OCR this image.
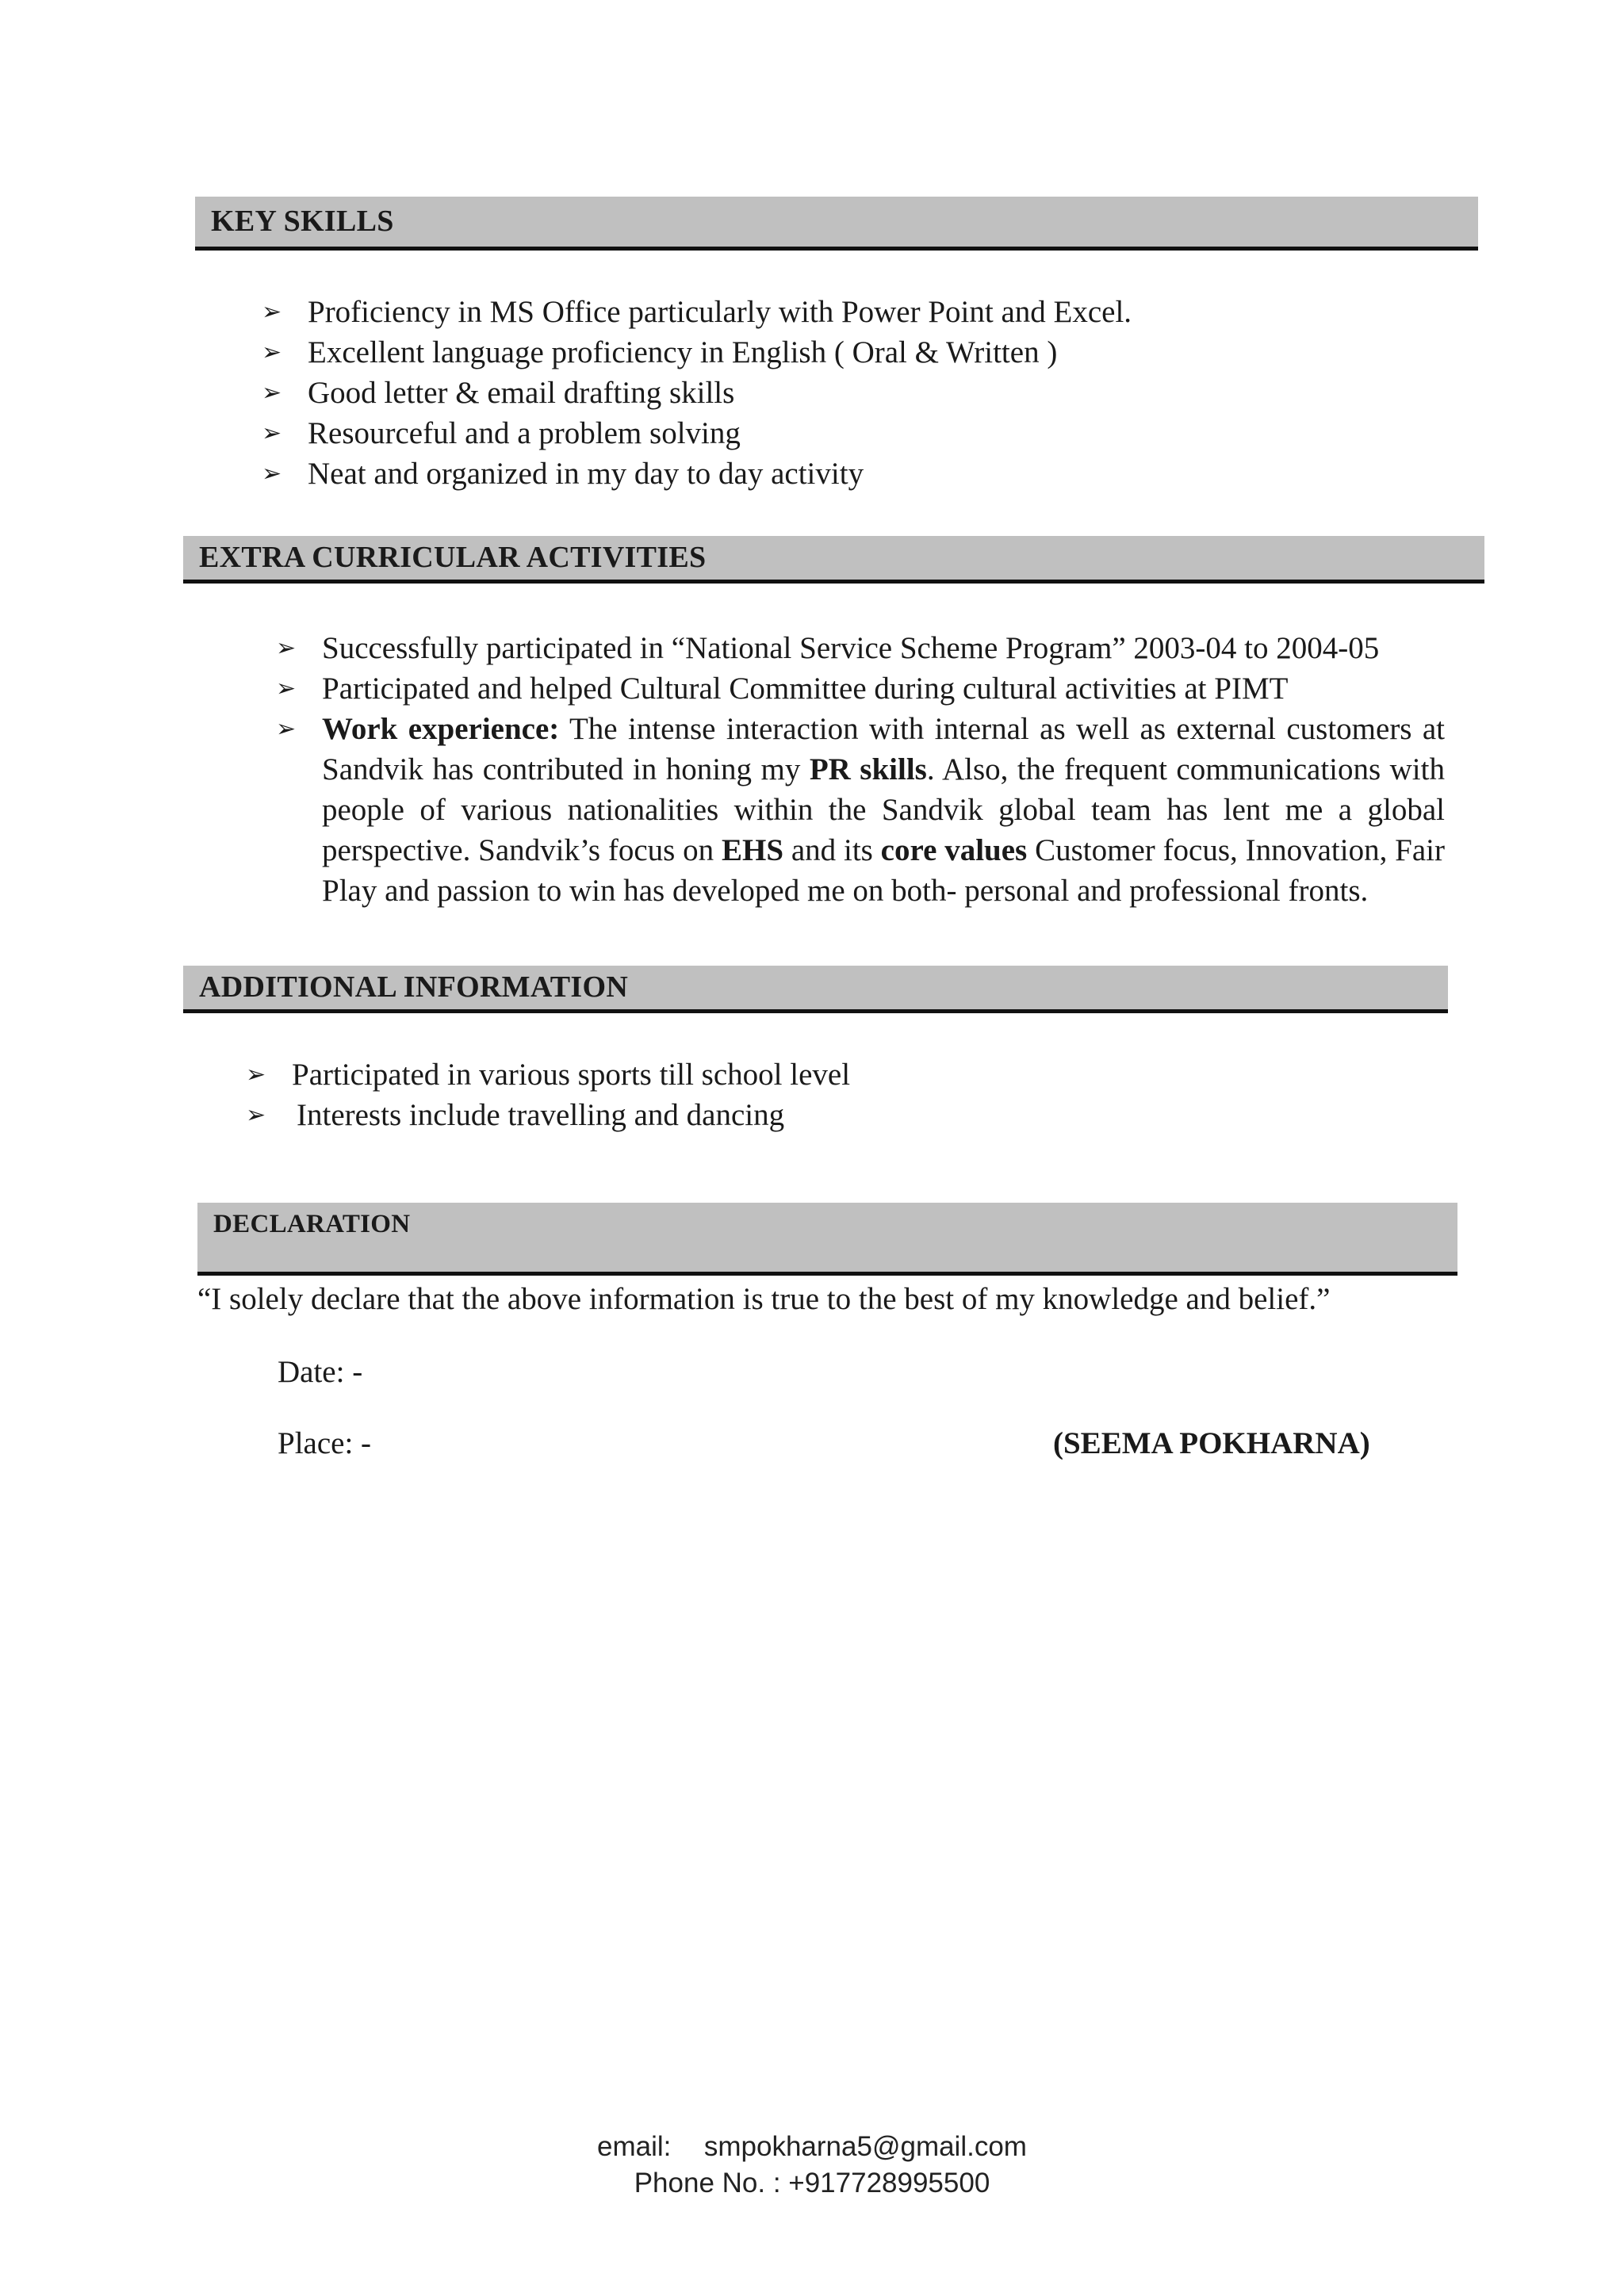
KEY SKILLS
➢ Proficiency in MS Office particularly with Power Point and Excel.
➢ Excellent language proficiency in English ( Oral & Written )
➢ Good letter & email drafting skills
➢ Resourceful and a problem solving
➢ Neat and organized in my day to day activity
EXTRA CURRICULAR ACTIVITIES
➢ Successfully participated in “National Service Scheme Program” 2003-04 to 2004-05
➢ Participated and helped Cultural Committee during cultural activities at PIMT
➢ Work experience: The intense interaction with internal as well as external customers at Sandvik has contributed in honing my PR skills. Also, the frequent communications with people of various nationalities within the Sandvik global team has lent me a global perspective. Sandvik’s focus on EHS and its core values Customer focus, Innovation, Fair Play and passion to win has developed me on both- personal and professional fronts.
ADDITIONAL INFORMATION
➢ Participated in various sports till school level
➢ Interests include travelling and dancing
DECLARATION
“I solely declare that the above information is true to the best of my knowledge and belief.”
Date: -
Place: -	(SEEMA POKHARNA)
email: smpokharna5@gmail.com
Phone No. : +917728995500
